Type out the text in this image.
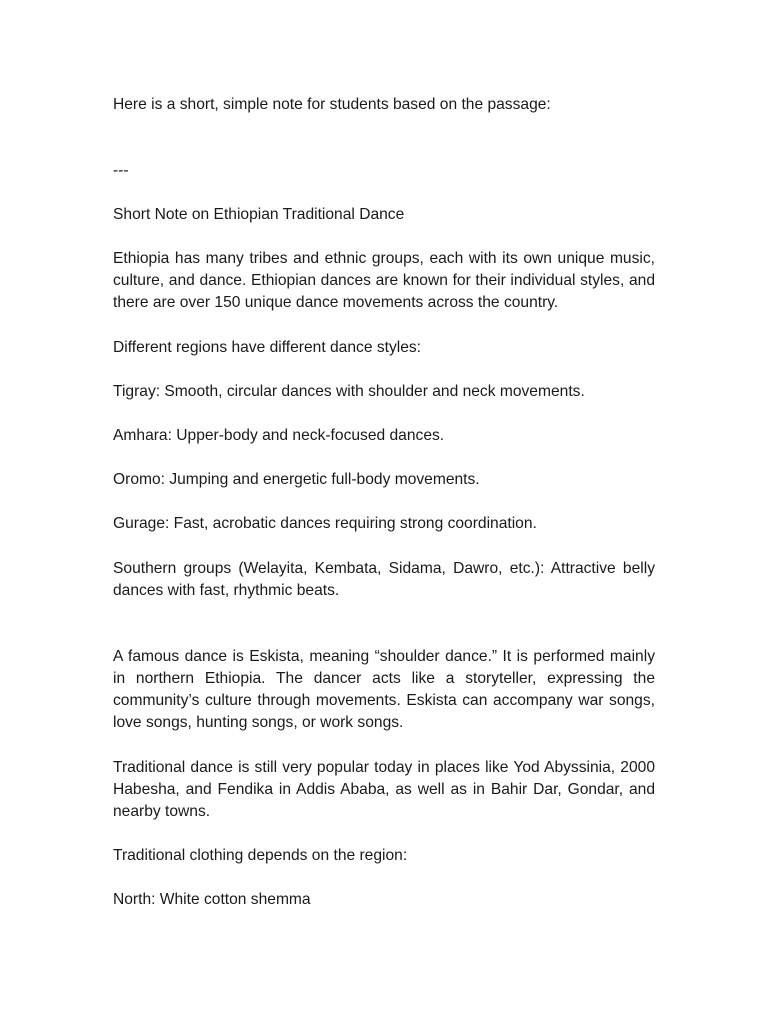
Here is a short, simple note for students based on the passage:

---

Short Note on Ethiopian Traditional Dance

Ethiopia has many tribes and ethnic groups, each with its own unique music, culture, and dance. Ethiopian dances are known for their individual styles, and there are over 150 unique dance movements across the country.

Different regions have different dance styles:

Tigray: Smooth, circular dances with shoulder and neck movements.

Amhara: Upper-body and neck-focused dances.

Oromo: Jumping and energetic full-body movements.

Gurage: Fast, acrobatic dances requiring strong coordination.

Southern groups (Welayita, Kembata, Sidama, Dawro, etc.): Attractive belly dances with fast, rhythmic beats.

A famous dance is Eskista, meaning “shoulder dance.” It is performed mainly in northern Ethiopia. The dancer acts like a storyteller, expressing the community’s culture through movements. Eskista can accompany war songs, love songs, hunting songs, or work songs.

Traditional dance is still very popular today in places like Yod Abyssinia, 2000 Habesha, and Fendika in Addis Ababa, as well as in Bahir Dar, Gondar, and nearby towns.

Traditional clothing depends on the region:

North: White cotton shemma
